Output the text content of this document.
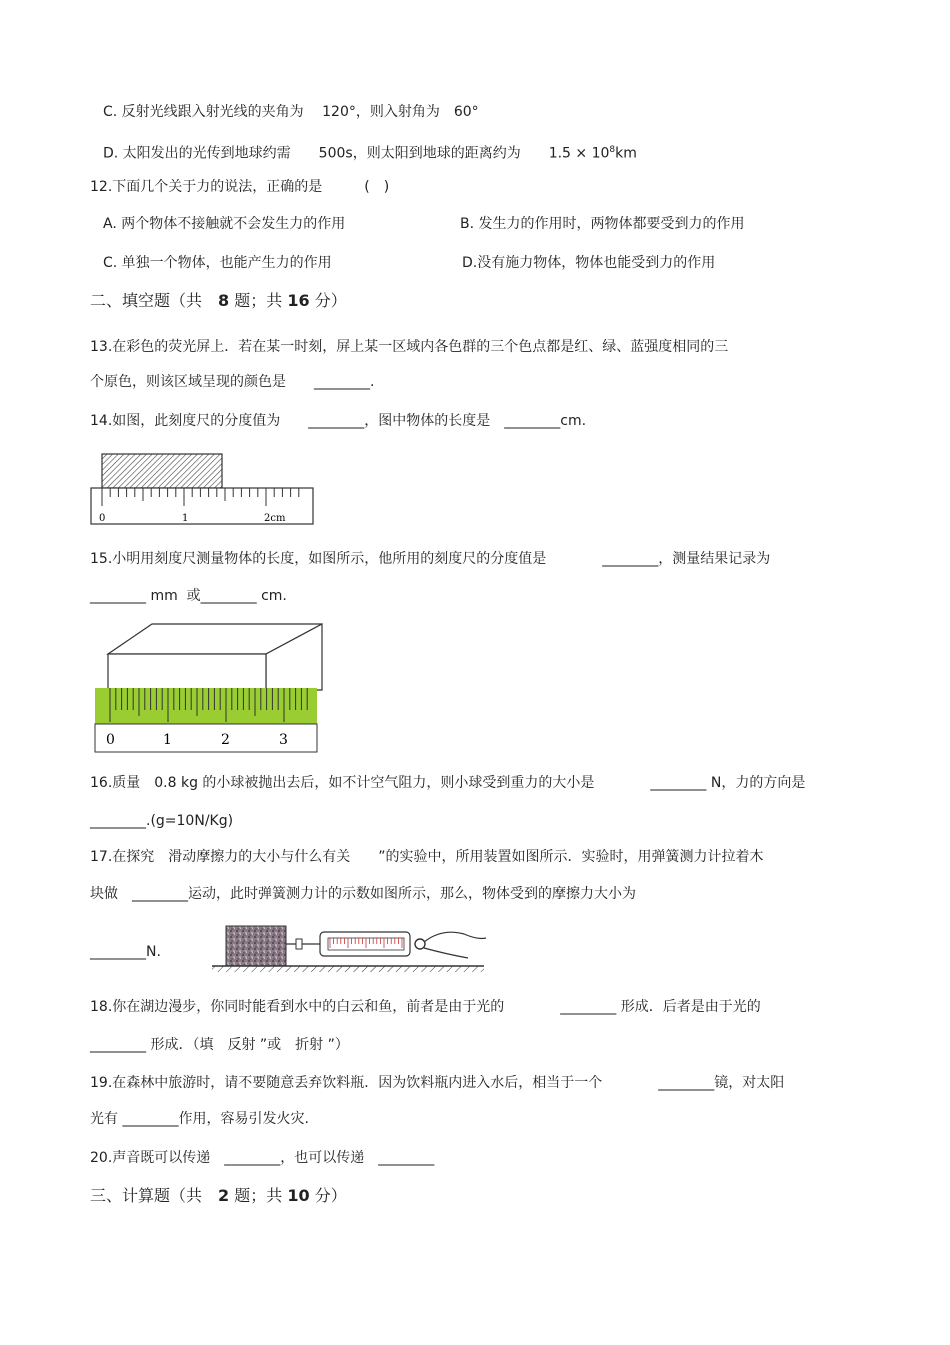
C. 反射光线跟入射光线的夹角为　 120°，则入射角为　60°
D. 太阳发出的光传到地球约需　　500s，则太阳到地球的距离约为　　$1.5 \times 10^8km$
12.下面几个关于力的说法，正确的是　　　(　)
A. 两个物体不接触就不会发生力的作用	B. 发生力的作用时，两物体都要受到力的作用
C. 单独一个物体，也能产生力的作用	D.没有施力物体，物体也能受到力的作用
二、填空题（共　8 题；共 16 分）
13.在彩色的荧光屏上．若在某一时刻，屏上某一区域内各色群的三个色点都是红、绿、蓝强度相同的三
个原色，则该区域呈现的颜色是　　________.
14.如图，此刻度尺的分度值为　　________，图中物体的长度是　________cm.
0	1	2cm
15.小明用刻度尺测量物体的长度，如图所示，他所用的刻度尺的分度值是　　　　________，测量结果记录为
________ mm  或________ cm.
0	1	2	3
16.质量　0.8 kg 的小球被抛出去后，如不计空气阻力，则小球受到重力的大小是　　　　________ N，力的方向是
________.(g=10N/Kg)
17.在探究　滑动摩擦力的大小与什么有关　　”的实验中，所用装置如图所示．实验时，用弹簧测力计拉着木
块做　________运动，此时弹簧测力计的示数如图所示，那么，物体受到的摩擦力大小为
________N.
18.你在湖边漫步，你同时能看到水中的白云和鱼，前者是由于光的　　　　________ 形成．后者是由于光的
________ 形成．（填　反射 ”或　折射 ”）
19.在森林中旅游时，请不要随意丢弃饮料瓶．因为饮料瓶内进入水后，相当于一个　　　　________镜，对太阳
光有 ________作用，容易引发火灾.
20.声音既可以传递　________，也可以传递　________
三、计算题（共　2 题；共 10 分）
